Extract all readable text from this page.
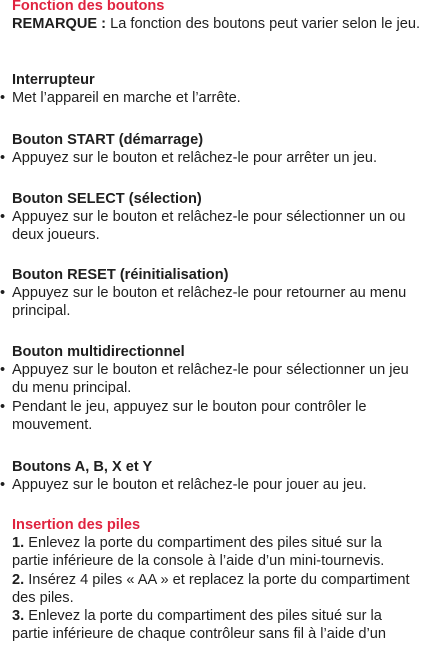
Fonction des boutons

REMARQUE : La fonction des boutons peut varier selon le jeu.

Interrupteur
• Met l’appareil en marche et l’arrête.
Bouton START (démarrage)
• Appuyez sur le bouton et relâchez-le pour arrêter un jeu.
Bouton SELECT (sélection)
• Appuyez sur le bouton et relâchez-le pour sélectionner un ou deux joueurs.
Bouton RESET (réinitialisation)
• Appuyez sur le bouton et relâchez-le pour retourner au menu principal.
Bouton multidirectionnel
• Appuyez sur le bouton et relâchez-le pour sélectionner un jeu du menu principal.
• Pendant le jeu, appuyez sur le bouton pour contrôler le mouvement.
Boutons A, B, X et Y
• Appuyez sur le bouton et relâchez-le pour jouer au jeu.
Insertion des piles

1. Enlevez la porte du compartiment des piles situé sur la partie inférieure de la console à l’aide d’un mini-tournevis.

2. Insérez 4 piles « AA » et replacez la porte du compartiment des piles.

3. Enlevez la porte du compartiment des piles situé sur la partie inférieure de chaque contrôleur sans fil à l’aide d’un
